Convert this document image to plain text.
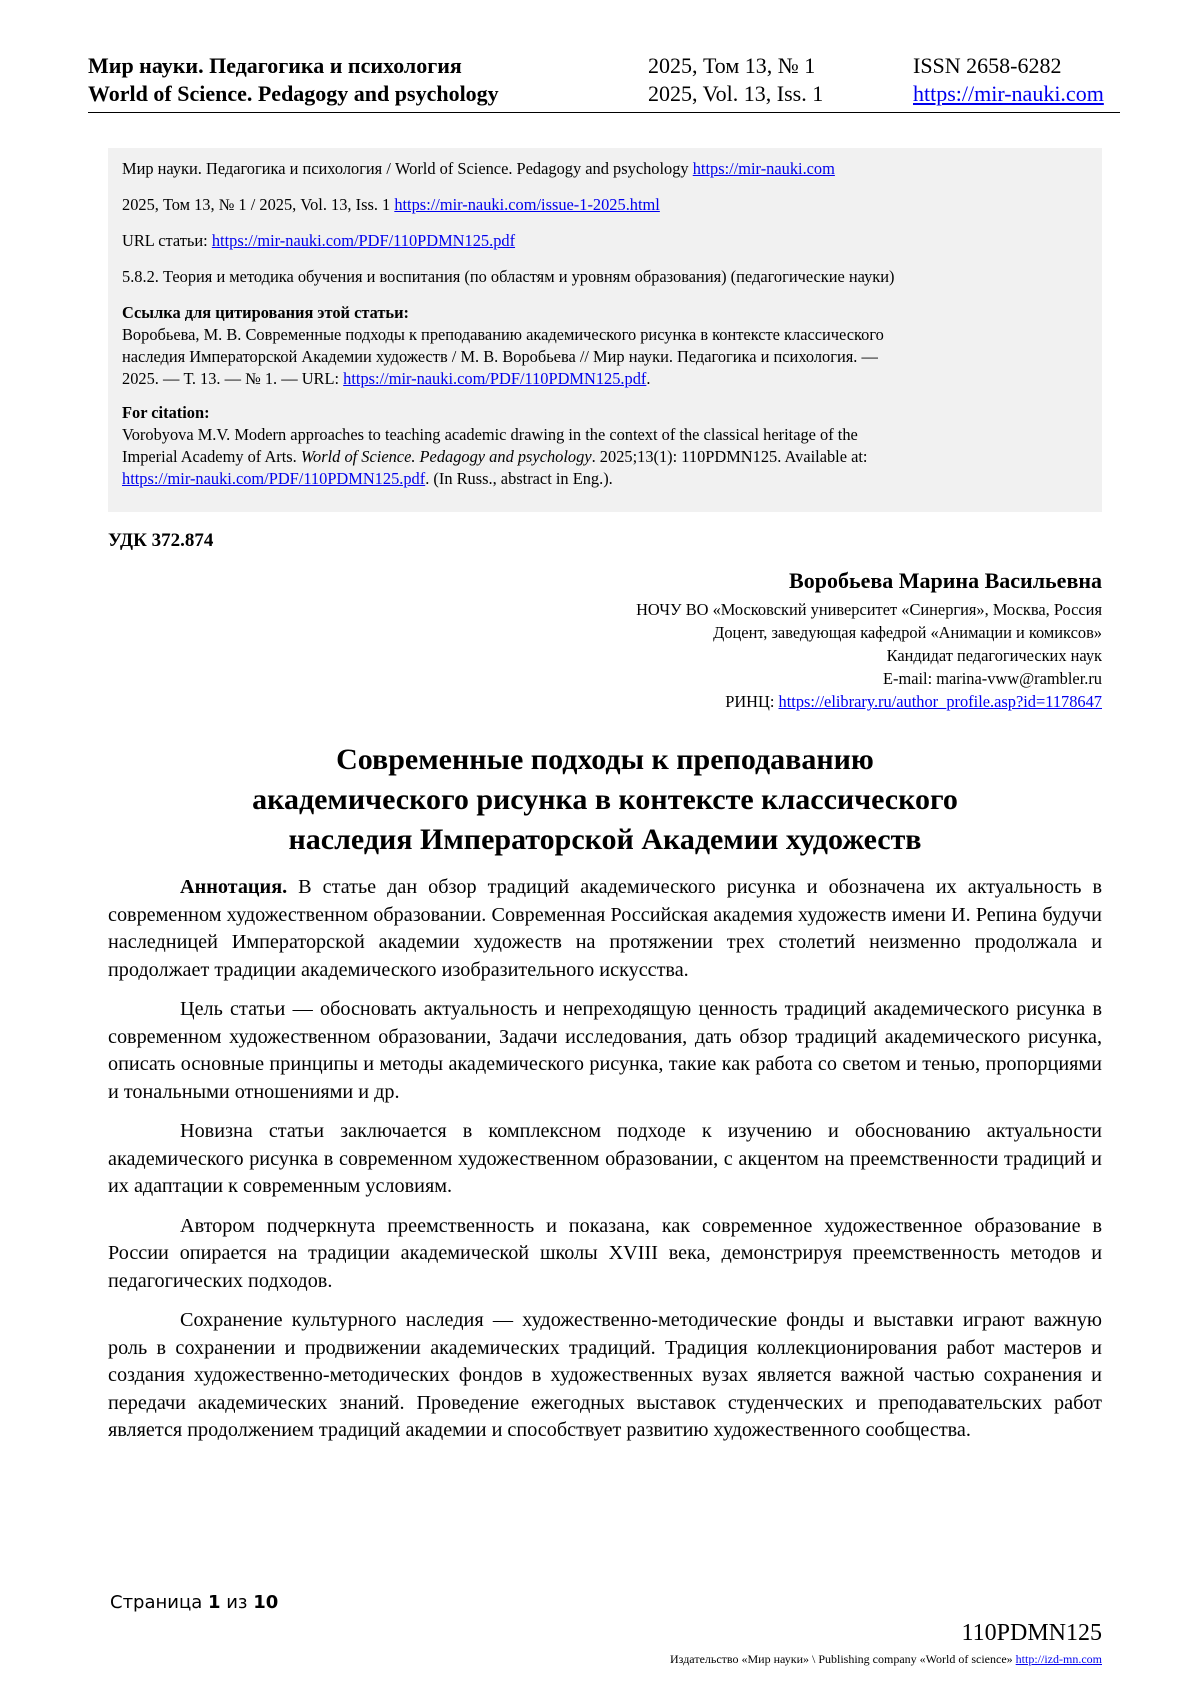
Мир науки. Педагогика и психология
World of Science. Pedagogy and psychology
2025, Том 13, № 1
2025, Vol. 13, Iss. 1
ISSN 2658-6282
https://mir-nauki.com

Мир науки. Педагогика и психология / World of Science. Pedagogy and psychology https://mir-nauki.com

2025, Том 13, № 1 / 2025, Vol. 13, Iss. 1 https://mir-nauki.com/issue-1-2025.html

URL статьи: https://mir-nauki.com/PDF/110PDMN125.pdf

5.8.2. Теория и методика обучения и воспитания (по областям и уровням образования) (педагогические науки)

Ссылка для цитирования этой статьи:
Воробьева, М. В. Современные подходы к преподаванию академического рисунка в контексте классического
наследия Императорской Академии художеств / М. В. Воробьева // Мир науки. Педагогика и психология. —
2025. — Т. 13. — № 1. — URL: https://mir-nauki.com/PDF/110PDMN125.pdf.
For citation:
Vorobyova M.V. Modern approaches to teaching academic drawing in the context of the classical heritage of the
Imperial Academy of Arts. World of Science. Pedagogy and psychology. 2025;13(1): 110PDMN125. Available at:
https://mir-nauki.com/PDF/110PDMN125.pdf. (In Russ., abstract in Eng.).
УДК 372.874
Воробьева Марина Васильевна
НОЧУ ВО «Московский университет «Синергия», Москва, Россия
Доцент, заведующая кафедрой «Анимации и комиксов»
Кандидат педагогических наук
E-mail: marina-vww@rambler.ru
РИНЦ: https://elibrary.ru/author_profile.asp?id=1178647
Современные подходы к преподаванию
академического рисунка в контексте классического
наследия Императорской Академии художеств

Аннотация. В статье дан обзор традиций академического рисунка и обозначена их актуальность в современном художественном образовании. Современная Российская академия художеств имени И. Репина будучи наследницей Императорской академии художеств на протяжении трех столетий неизменно продолжала и продолжает традиции академического изобразительного искусства.

Цель статьи — обосновать актуальность и непреходящую ценность традиций академического рисунка в современном художественном образовании, Задачи исследования, дать обзор традиций академического рисунка, описать основные принципы и методы академического рисунка, такие как работа со светом и тенью, пропорциями и тональными отношениями и др.

Новизна статьи заключается в комплексном подходе к изучению и обоснованию актуальности академического рисунка в современном художественном образовании, с акцентом на преемственности традиций и их адаптации к современным условиям.

Автором подчеркнута преемственность и показана, как современное художественное образование в России опирается на традиции академической школы XVIII века, демонстрируя преемственность методов и педагогических подходов.

Сохранение культурного наследия — художественно-методические фонды и выставки играют важную роль в сохранении и продвижении академических традиций. Традиция коллекционирования работ мастеров и создания художественно-методических фондов в художественных вузах является важной частью сохранения и передачи академических знаний. Проведение ежегодных выставок студенческих и преподавательских работ является продолжением традиций академии и способствует развитию художественного сообщества.

Страница 1 из 10
110PDMN125
Издательство «Мир науки» \ Publishing company «World of science» http://izd-mn.com
